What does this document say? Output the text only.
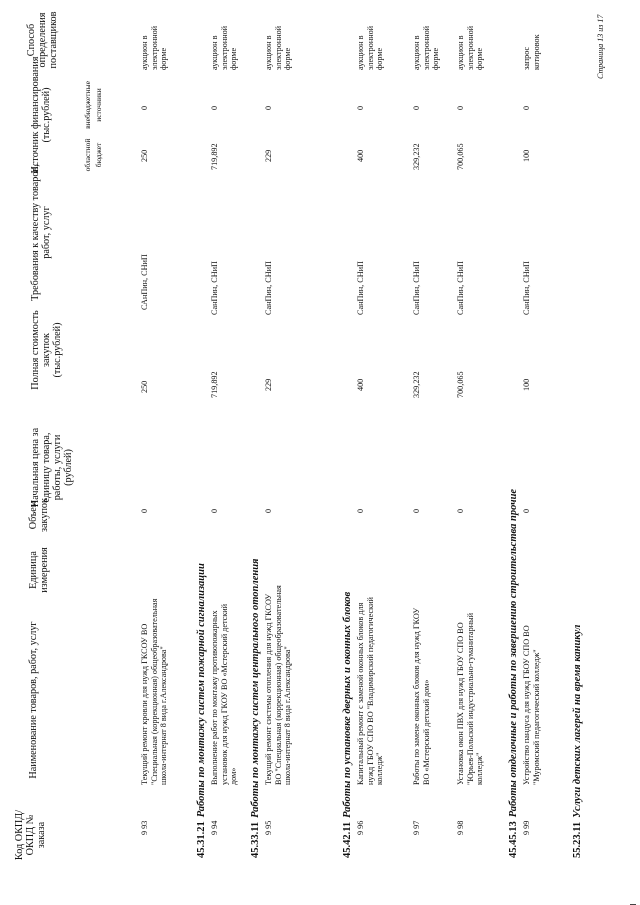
Код ОКПД/ ОКПД № заказа
Наименование товаров, работ, услуг
Единица измерения
Объем закупок
Начальная цена за единицу товара, работы, услуги (рублей)
Полная стоимость закупок (тыс.рублей)
Требования к качеству товаров, работ, услуг
Источник финансирования (тыс.рублей)
областной бюджет
внебюджетные источники
Способ определения поставщиков
9 93
Текущий ремонт кровли для нужд ГКСОУ ВО "Специальная (коррекционная) общеобразовательная школа-интернат 8 вида г.Александрова"
0
250
САнПин, СНиП
250
0
аукцион в электронной форме
45.31.21Работы по монтажу систем пожарной сигнализации
9 94
Выполнение работ по монтажу противопожарных установок для нужд ГКОУ ВО «Мстерский детский дом»
0
719,892
СанПин, СНиП
719,892
0
аукцион в электронной форме
45.33.11Работы по монтажу систем центрального отопления
9 95
Текущий ремонт системы отопления для нужд ГКСОУ ВО "Специальная (коррекционная) общеобразовательная школа-интернат 8 вида г.Александрова"
0
229
СанПин, СНиП
229
0
аукцион в электронной форме
45.42.11Работы по установке дверных и оконных блоков
9 96
Капитальный ремонт с заменой оконных блоков для нужд ГБОУ СПО ВО "Владимирский педагогический колледж"
0
400
СанПин, СНиП
400
0
аукцион в электронной форме
9 97
Работы по замене оконных блоков для нужд ГКОУ ВО «Мстерский детский дом»
0
329,232
СанПин, СНиП
329,232
0
аукцион в электронной форме
9 98
Установка окон ПВХ для нужд ГБОУ СПО ВО "Юрьев-Польский индустриально-гуманитарный колледж"
0
700,065
СанПин, СНиП
700,065
0
аукцион в электронной форме
45.45.13Работы отделочные и работы по завершению строительства прочие
9 99
Устройство пандуса для нужд ГБОУ СПО ВО "Муромский педагогический колледж"
0
100
СанПин, СНиП
100
0
запрос котировок
55.23.11Услуги детских лагерей на время каникул
Страница 13 из 17
